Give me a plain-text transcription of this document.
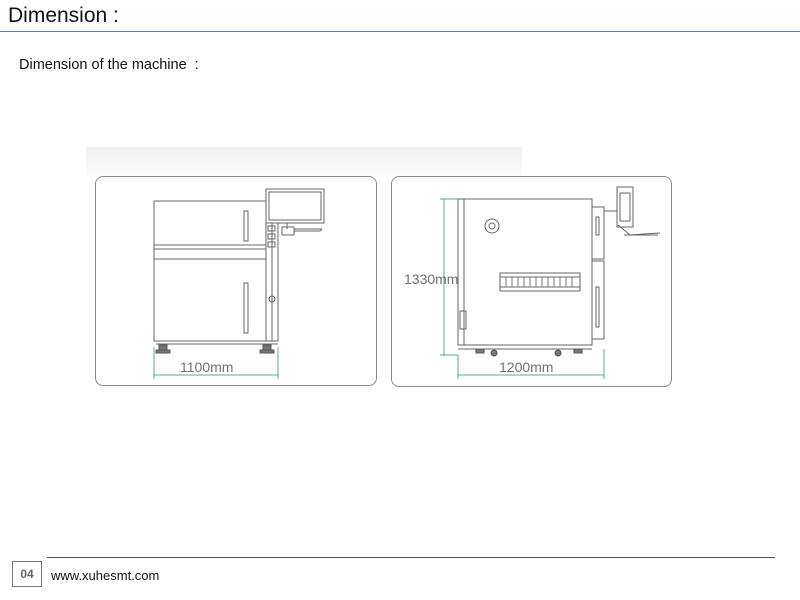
Dimension :
Dimension of the machine  :
1100mm
1330mm
1200mm
04	www.xuhesmt.com
